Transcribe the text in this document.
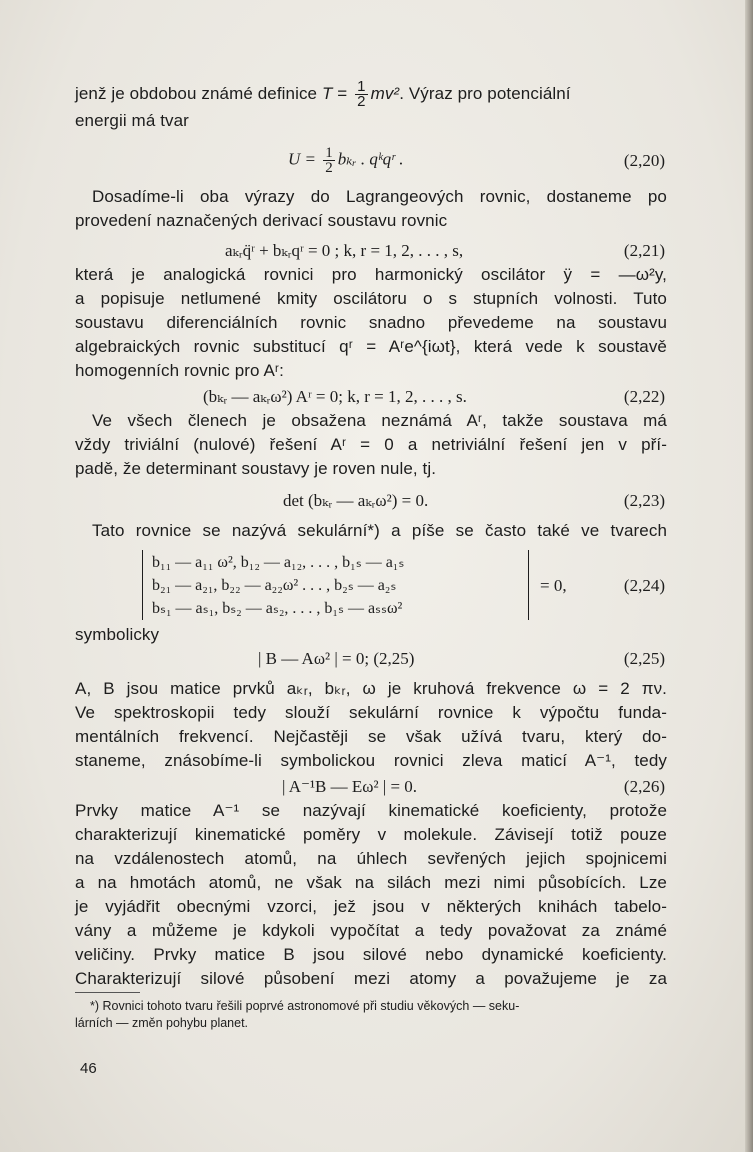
jenž je obdobou známé definice $T = \frac{1}{2} mv^2$. Výraz pro potenciální
energii má tvar
$U = \frac{1}{2}$ bₖᵣ . qᵏqʳ .	(2,20)
Dosadíme-li oba výrazy do Lagrangeových rovnic, dostaneme po
provedení naznačených derivací soustavu rovnic
aₖᵣq̈ʳ + bₖᵣqʳ = 0 ; k, r = 1, 2, . . . , s,	(2,21)
která je analogická rovnici pro harmonický oscilátor ÿ = —ω²y,
a popisuje netlumené kmity oscilátoru o s stupních volnosti. Tuto
soustavu diferenciálních rovnic snadno převedeme na soustavu
algebraických rovnic substitucí qʳ = Aʳe^{iωt}, která vede k soustavě
homogenních rovnic pro Aʳ:
(bₖᵣ — aₖᵣω²) Aʳ = 0; k, r = 1, 2, . . . , s.	(2,22)
Ve všech členech je obsažena neznámá Aʳ, takže soustava má
vždy triviální (nulové) řešení Aʳ = 0 a netriviální řešení jen v pří-
padě, že determinant soustavy je roven nule, tj.
det (bₖᵣ — aₖᵣω²) = 0.	(2,23)
Tato rovnice se nazývá sekulární*) a píše se často také ve tvarech
b₁₁ — a₁₁ ω², b₁₂ — a₁₂, . . . , b₁ₛ — a₁ₛ
b₂₁ — a₂₁, b₂₂ — a₂₂ω² . . . , b₂ₛ — a₂ₛ
bₛ₁ — aₛ₁, bₛ₂ — aₛ₂, . . . , b₁ₛ — aₛₛω²
= 0,	(2,24)
symbolicky
| B — Aω² | = 0; (2,25)	(2,25)
A, B jsou matice prvků aₖᵣ, bₖᵣ, ω je kruhová frekvence ω = 2 πν.
Ve spektroskopii tedy slouží sekulární rovnice k výpočtu funda-
mentálních frekvencí. Nejčastěji se však užívá tvaru, který do-
staneme, znásobíme-li symbolickou rovnici zleva maticí A⁻¹, tedy
| A⁻¹B — Eω² | = 0.	(2,26)
Prvky matice A⁻¹ se nazývají kinematické koeficienty, protože
charakterizují kinematické poměry v molekule. Závisejí totiž pouze
na vzdálenostech atomů, na úhlech sevřených jejich spojnicemi
a na hmotách atomů, ne však na silách mezi nimi působících. Lze
je vyjádřit obecnými vzorci, jež jsou v některých knihách tabelo-
vány a můžeme je kdykoli vypočítat a tedy považovat za známé
veličiny. Prvky matice B jsou silové nebo dynamické koeficienty.
Charakterizují silové působení mezi atomy a považujeme je za
*) Rovnici tohoto tvaru řešili poprvé astronomové při studiu věkových — seku-
lárních — změn pohybu planet.
46
